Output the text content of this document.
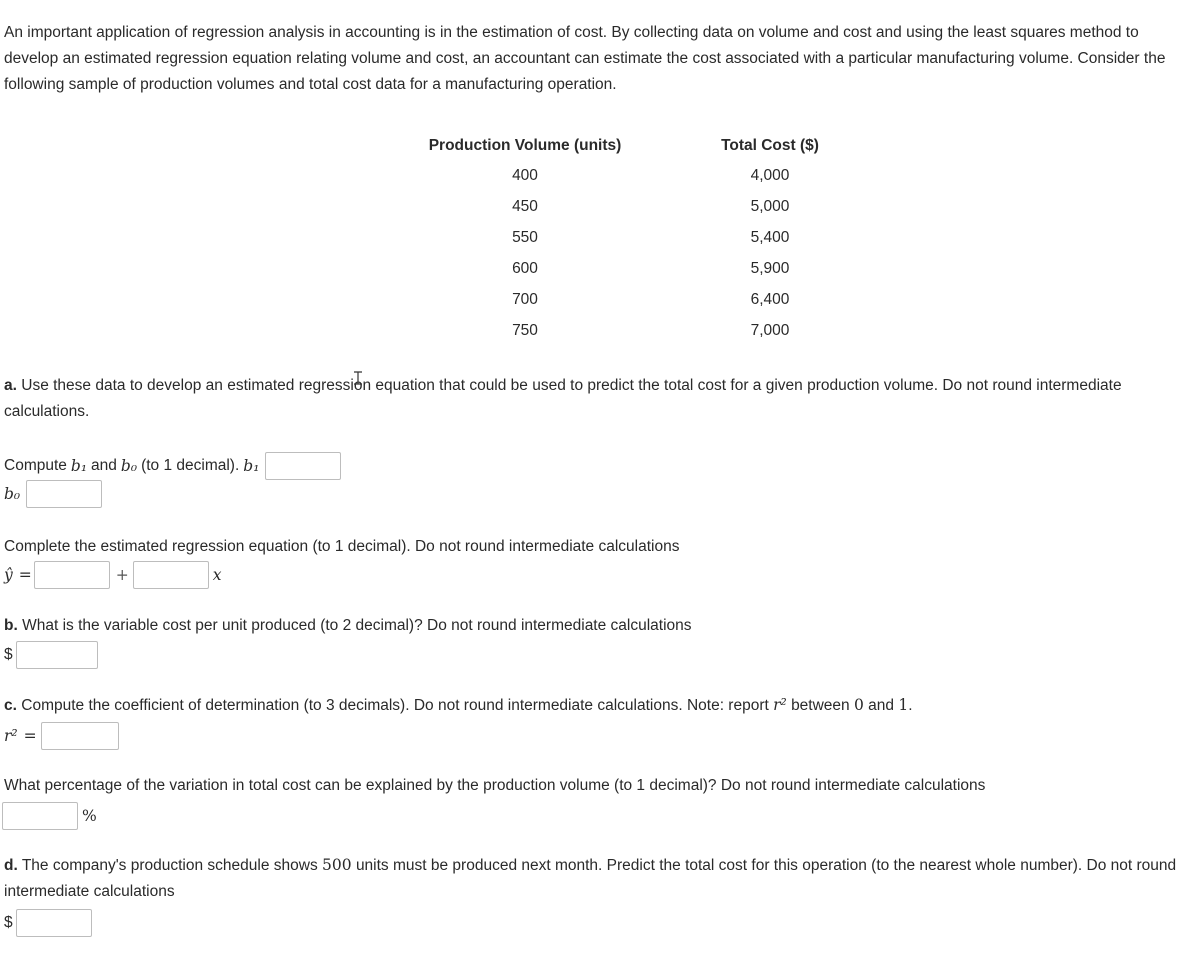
An important application of regression analysis in accounting is in the estimation of cost. By collecting data on volume and cost and using the least squares method to develop an estimated regression equation relating volume and cost, an accountant can estimate the cost associated with a particular manufacturing volume. Consider the following sample of production volumes and total cost data for a manufacturing operation.

Production Volume (units)	Total Cost ($)
400	4,000
450	5,000
550	5,400
600	5,900
700	6,400
750	7,000

a. Use these data to develop an estimated regression equation that could be used to predict the total cost for a given production volume. Do not round intermediate calculations.

Compute b₁ and b₀ (to 1 decimal). b₁
b₀

Complete the estimated regression equation (to 1 decimal). Do not round intermediate calculations

ŷ =	+	x

b. What is the variable cost per unit produced (to 2 decimal)? Do not round intermediate calculations

$

c. Compute the coefficient of determination (to 3 decimals). Do not round intermediate calculations. Note: report r² between 0 and 1.

r² =

What percentage of the variation in total cost can be explained by the production volume (to 1 decimal)? Do not round intermediate calculations

%

d. The company's production schedule shows 500 units must be produced next month. Predict the total cost for this operation (to the nearest whole number). Do not round intermediate calculations

$
